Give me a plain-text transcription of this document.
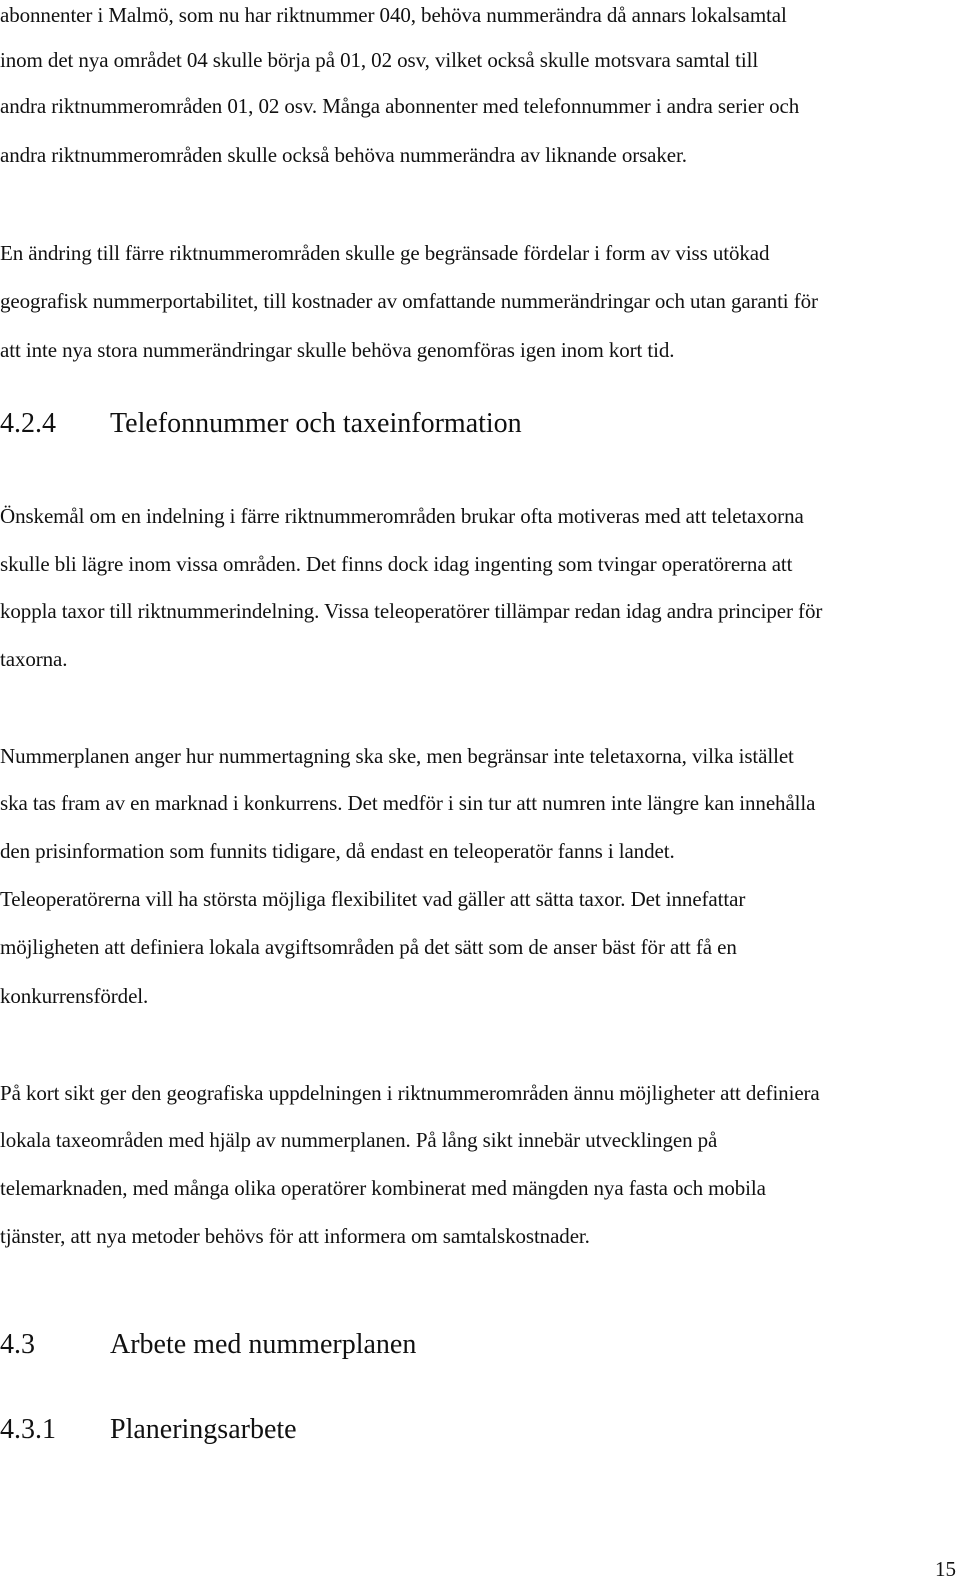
abonnenter i Malmö, som nu har riktnummer 040, behöva nummerändra då annars lokalsamtal
inom det nya området 04 skulle börja på 01, 02 osv, vilket också skulle motsvara samtal till
andra riktnummerområden 01, 02 osv. Många abonnenter med telefonnummer i andra serier och
andra riktnummerområden skulle också behöva nummerändra av liknande orsaker.
En ändring till färre riktnummerområden skulle ge begränsade fördelar i form av viss utökad
geografisk nummerportabilitet, till kostnader av omfattande nummerändringar och utan garanti för
att inte nya stora nummerändringar skulle behöva genomföras igen inom kort tid.
4.2.4 Telefonnummer och taxeinformation
Önskemål om en indelning i färre riktnummerområden brukar ofta motiveras med att teletaxorna
skulle bli lägre inom vissa områden. Det finns dock idag ingenting som tvingar operatörerna att
koppla taxor till riktnummerindelning. Vissa teleoperatörer tillämpar redan idag andra principer för
taxorna.
Nummerplanen anger hur nummertagning ska ske, men begränsar inte teletaxorna, vilka istället
ska tas fram av en marknad i konkurrens. Det medför i sin tur att numren inte längre kan innehålla
den prisinformation som funnits tidigare, då endast en teleoperatör fanns i landet.
Teleoperatörerna vill ha största möjliga flexibilitet vad gäller att sätta taxor. Det innefattar
möjligheten att definiera lokala avgiftsområden på det sätt som de anser bäst för att få en
konkurrensfördel.
På kort sikt ger den geografiska uppdelningen i riktnummerområden ännu möjligheter att definiera
lokala taxeområden med hjälp av nummerplanen. På lång sikt innebär utvecklingen på
telemarknaden, med många olika operatörer kombinerat med mängden nya fasta och mobila
tjänster, att nya metoder behövs för att informera om samtalskostnader.
4.3	Arbete med nummerplanen
4.3.1 Planeringsarbete
15
